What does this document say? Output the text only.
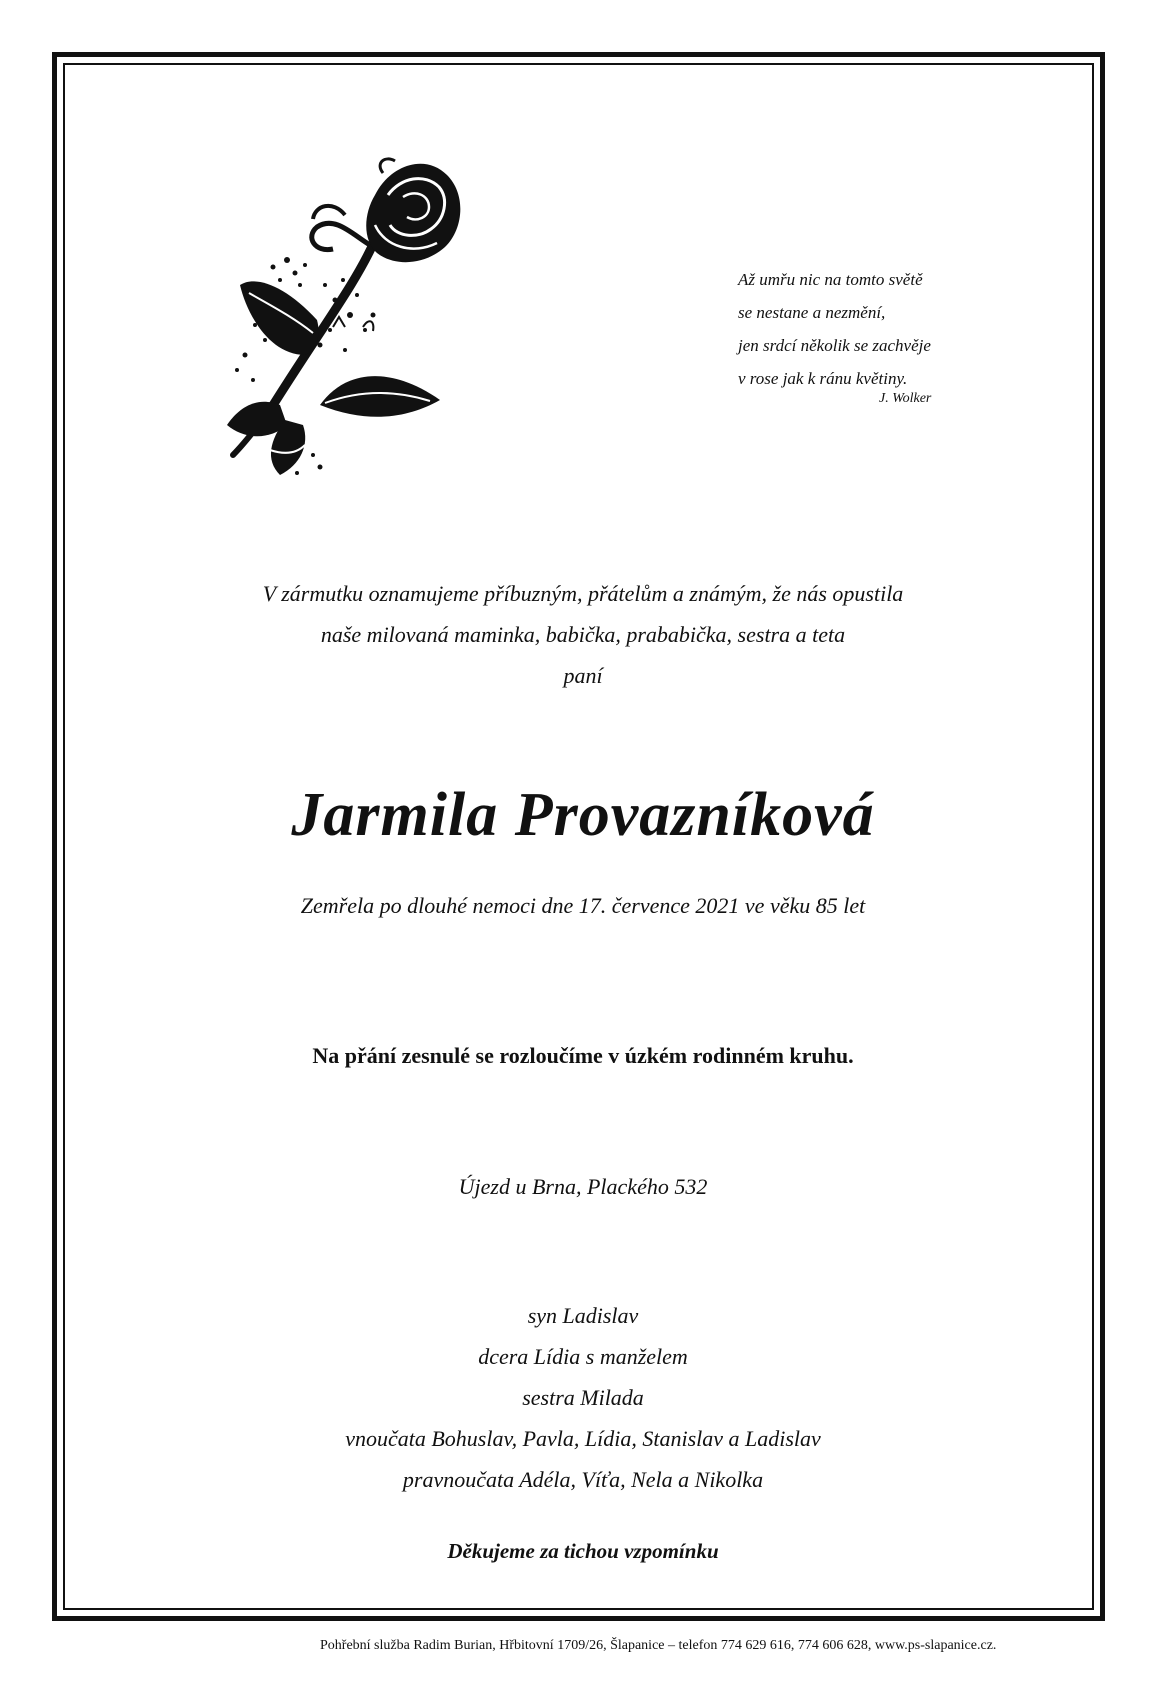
Až umřu nic na tomto světě
se nestane a nezmění,
jen srdcí několik se zachvěje
v rose jak k ránu květiny.
J. Wolker
V zármutku oznamujeme příbuzným, přátelům a známým, že nás opustila
naše milovaná maminka, babička, prababička, sestra a teta
paní
Jarmila Provazníková
Zemřela po dlouhé nemoci dne 17. července 2021 ve věku 85 let
Na přání zesnulé se rozloučíme v úzkém rodinném kruhu.
Újezd u Brna, Plackého 532
syn Ladislav
dcera Lídia s manželem
sestra Milada
vnoučata Bohuslav, Pavla, Lídia, Stanislav a Ladislav
pravnoučata Adéla, Víťa, Nela a Nikolka
Děkujeme za tichou vzpomínku
Pohřební služba Radim Burian, Hřbitovní 1709/26, Šlapanice – telefon 774 629 616, 774 606 628, www.ps-slapanice.cz.
